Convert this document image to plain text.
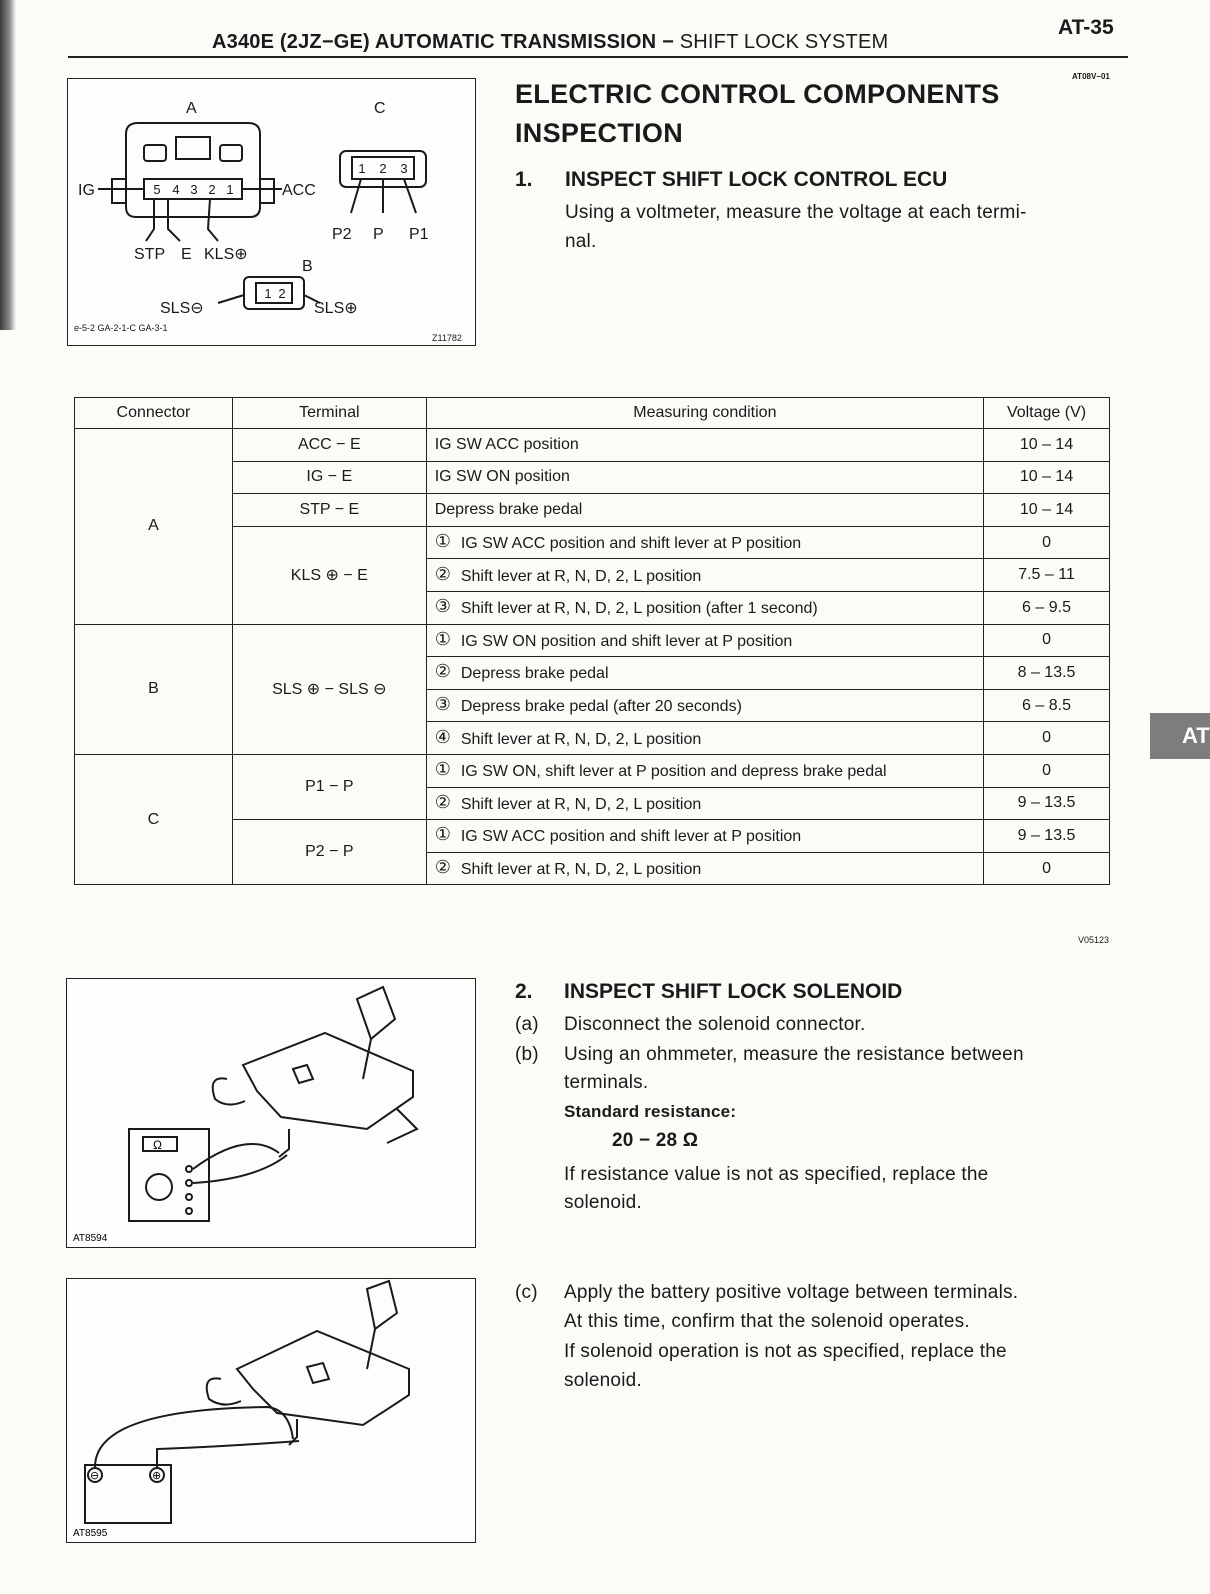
A340E (2JZ−GE) AUTOMATIC TRANSMISSION − SHIFT LOCK SYSTEM
AT-35
AT08V−01
5 4 3 2 1
1 2 3
1 2
A	C
B
IG	ACC
STP E KLS⊕
P2 P P1
SLS⊖	SLS⊕
e-5-2 GA-2-1-C GA-3-1
Z11782
ELECTRIC CONTROL COMPONENTS
INSPECTION
1. INSPECT SHIFT LOCK CONTROL ECU
Using a voltmeter, measure the voltage at each termi-
nal.
Connector	Terminal	Measuring condition	Voltage (V)
A	ACC − E	IG SW ACC position	10 – 14
	IG − E	IG SW ON position	10 – 14
	STP − E	Depress brake pedal	10 – 14
	KLS ⊕ − E	① IG SW ACC position and shift lever at P position	0
		② Shift lever at R, N, D, 2, L position	7.5 – 11
		③ Shift lever at R, N, D, 2, L position (after 1 second)	6 – 9.5
B	SLS ⊕ − SLS ⊖	① IG SW ON position and shift lever at P position	0
		② Depress brake pedal	8 – 13.5
		③ Depress brake pedal (after 20 seconds)	6 – 8.5
		④ Shift lever at R, N, D, 2, L position	0
C	P1 − P	① IG SW ON, shift lever at P position and depress brake pedal	0
		② Shift lever at R, N, D, 2, L position	9 – 13.5
	P2 − P	① IG SW ACC position and shift lever at P position	9 – 13.5
		② Shift lever at R, N, D, 2, L position	0
V05123
Ω
AT8594
⊖	⊕
AT8595
2. INSPECT SHIFT LOCK SOLENOID
(a) Disconnect the solenoid connector.
(b) Using an ohmmeter, measure the resistance between
terminals.
Standard resistance:
20 − 28 Ω
If resistance value is not as specified, replace the
solenoid.
(c) Apply the battery positive voltage between terminals.
At this time, confirm that the solenoid operates.
If solenoid operation is not as specified, replace the
solenoid.
AT
